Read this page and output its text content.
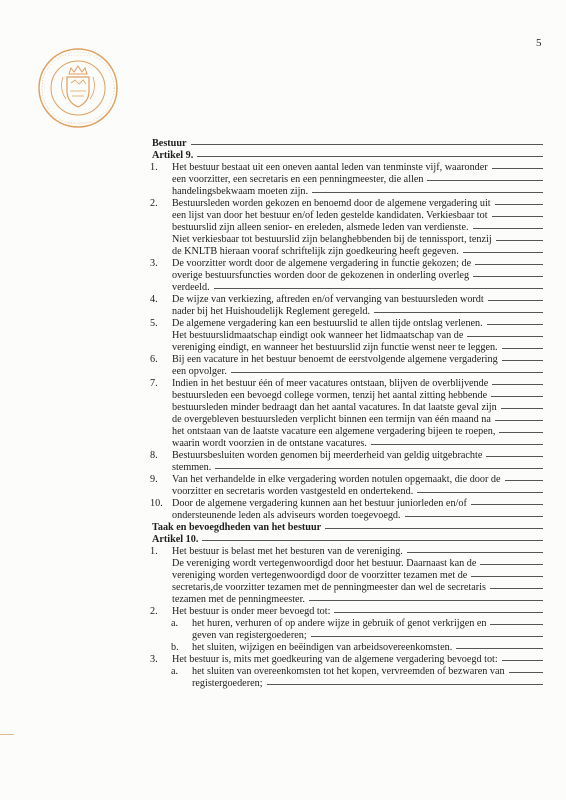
5
· · · · · · · · ·
· · · · · · · · ·
Bestuur
Artikel 9.
1.	Het bestuur bestaat uit een oneven aantal leden van tenminste vijf, waaronder
een voorzitter, een secretaris en een penningmeester, die allen
handelingsbekwaam moeten zijn.
2.	Bestuursleden worden gekozen en benoemd door de algemene vergadering uit
een lijst van door het bestuur en/of leden gestelde kandidaten. Verkiesbaar tot
bestuurslid zijn alleen senior- en ereleden, alsmede leden van verdienste.
Niet verkiesbaar tot bestuurslid zijn belanghebbenden bij de tennissport, tenzij
de KNLTB hieraan vooraf schriftelijk zijn goedkeuring heeft gegeven.
3.	De voorzitter wordt door de algemene vergadering in functie gekozen; de
overige bestuursfuncties worden door de gekozenen in onderling overleg
verdeeld.
4.	De wijze van verkiezing, aftreden en/of vervanging van bestuursleden wordt
nader bij het Huishoudelijk Reglement geregeld.
5.	De algemene vergadering kan een bestuurslid te allen tijde ontslag verlenen.
Het bestuurslidmaatschap eindigt ook wanneer het lidmaatschap van de
vereniging eindigt, en wanneer het bestuurslid zijn functie wenst neer te leggen.
6.	Bij een vacature in het bestuur benoemt de eerstvolgende algemene vergadering
een opvolger.
7.	Indien in het bestuur één of meer vacatures ontstaan, blijven de overblijvende
bestuursleden een bevoegd college vormen, tenzij het aantal zitting hebbende
bestuursleden minder bedraagt dan het aantal vacatures. In dat laatste geval zijn
de overgebleven bestuursleden verplicht binnen een termijn van één maand na
het ontstaan van de laatste vacature een algemene vergadering bijeen te roepen,
waarin wordt voorzien in de ontstane vacatures.
8.	Bestuursbesluiten worden genomen bij meerderheid van geldig uitgebrachte
stemmen.
9.	Van het verhandelde in elke vergadering worden notulen opgemaakt, die door de
voorzitter en secretaris worden vastgesteld en ondertekend.
10. Door de algemene vergadering kunnen aan het bestuur juniorleden en/of
ondersteunende leden als adviseurs worden toegevoegd.
Taak en bevoegdheden van het bestuur
Artikel 10.
1.	Het bestuur is belast met het besturen van de vereniging.
De vereniging wordt vertegenwoordigd door het bestuur. Daarnaast kan de
vereniging worden vertegenwoordigd door de voorzitter tezamen met de
secretaris,de voorzitter tezamen met de penningmeester dan wel de secretaris
tezamen met de penningmeester.
2.	Het bestuur is onder meer bevoegd tot:
a.	het huren, verhuren of op andere wijze in gebruik of genot verkrijgen en
geven van registergoederen;
b.	het sluiten, wijzigen en beëindigen van arbeidsovereenkomsten.
3.	Het bestuur is, mits met goedkeuring van de algemene vergadering bevoegd tot:
a.	het sluiten van overeenkomsten tot het kopen, vervreemden of bezwaren van
registergoederen;
